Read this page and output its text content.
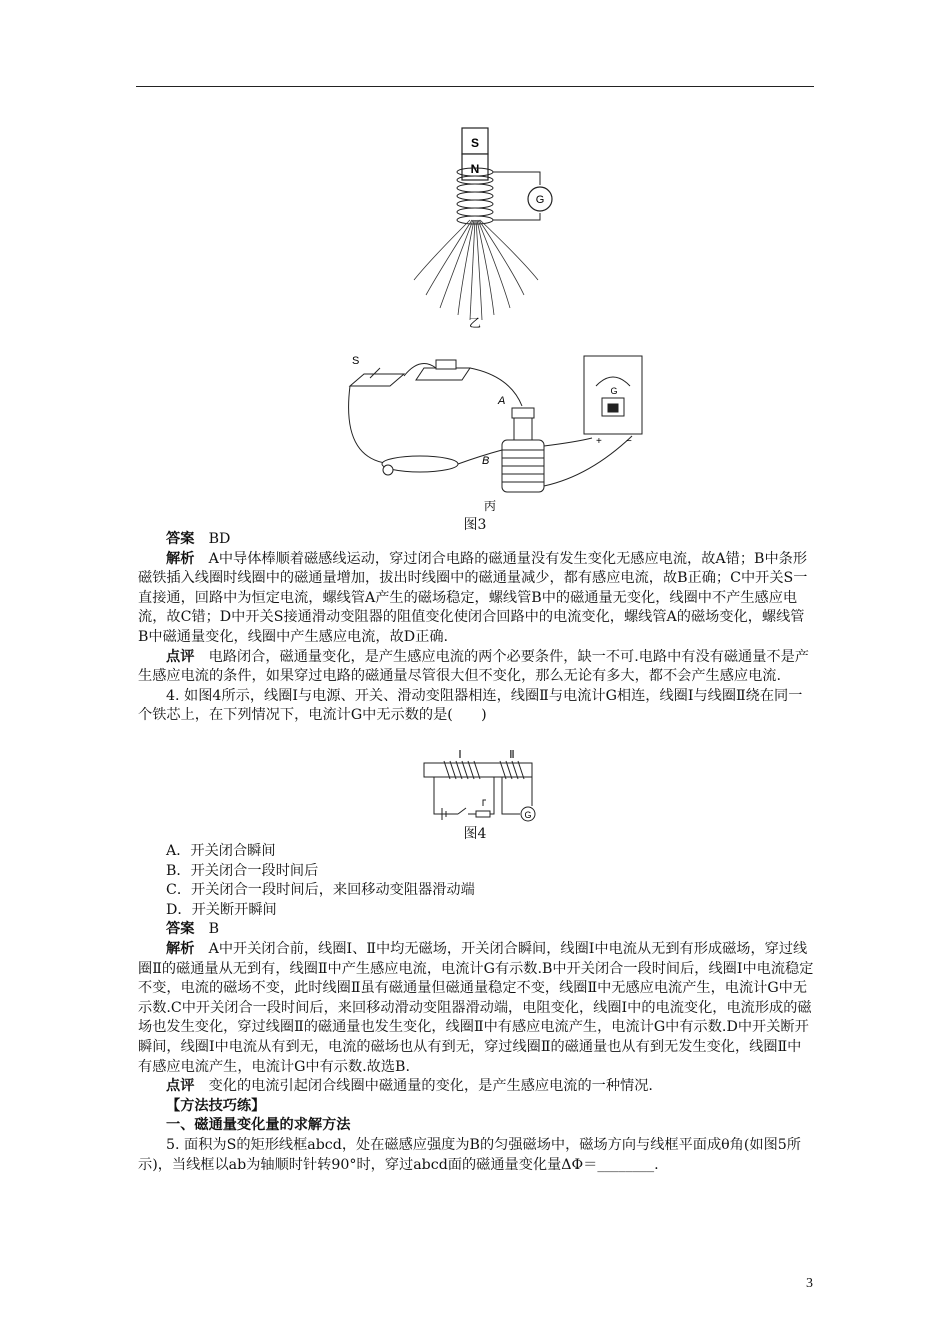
S
N
G
乙
S
A
B
G
+ −
丙
图3

答案　 BD

解析　 A中导体棒顺着磁感线运动，穿过闭合电路的磁通量没有发生变化无感应电流，故A错；B中条形磁铁插入线圈时线圈中的磁通量增加，拔出时线圈中的磁通量减少，都有感应电流，故B正确；C中开关S一直接通，回路中为恒定电流，螺线管A产生的磁场稳定，螺线管B中的磁通量无变化，线圈中不产生感应电流，故C错；D中开关S接通滑动变阻器的阻值变化使闭合回路中的电流变化，螺线管A的磁场变化，螺线管B中磁通量变化，线圈中产生感应电流，故D正确.

点评　 电路闭合，磁通量变化，是产生感应电流的两个必要条件，缺一不可.电路中有没有磁通量不是产生感应电流的条件，如果穿过电路的磁通量尽管很大但不变化，那么无论有多大，都不会产生感应电流.

4. 如图4所示，线圈Ⅰ与电源、开关、滑动变阻器相连，线圈Ⅱ与电流计G相连，线圈Ⅰ与线圈Ⅱ绕在同一个铁芯上，在下列情况下，电流计G中无示数的是(　　)

Ⅰ	Ⅱ
G
图4

A．开关闭合瞬间

B．开关闭合一段时间后

C．开关闭合一段时间后，来回移动变阻器滑动端

D．开关断开瞬间

答案　 B

解析　 A中开关闭合前，线圈Ⅰ、Ⅱ中均无磁场，开关闭合瞬间，线圈Ⅰ中电流从无到有形成磁场，穿过线圈Ⅱ的磁通量从无到有，线圈Ⅱ中产生感应电流，电流计G有示数.B中开关闭合一段时间后，线圈Ⅰ中电流稳定不变，电流的磁场不变，此时线圈Ⅱ虽有磁通量但磁通量稳定不变，线圈Ⅱ中无感应电流产生，电流计G中无示数.C中开关闭合一段时间后，来回移动滑动变阻器滑动端，电阻变化，线圈Ⅰ中的电流变化，电流形成的磁场也发生变化，穿过线圈Ⅱ的磁通量也发生变化，线圈Ⅱ中有感应电流产生，电流计G中有示数.D中开关断开瞬间，线圈Ⅰ中电流从有到无，电流的磁场也从有到无，穿过线圈Ⅱ的磁通量也从有到无发生变化，线圈Ⅱ中有感应电流产生，电流计G中有示数.故选B.

点评　 变化的电流引起闭合线圈中磁通量的变化，是产生感应电流的一种情况.

【方法技巧练】

一、磁通量变化量的求解方法

5. 面积为S的矩形线框abcd，处在磁感应强度为B的匀强磁场中，磁场方向与线框平面成θ角(如图5所示)，当线框以ab为轴顺时针转90°时，穿过abcd面的磁通量变化量ΔΦ＝________.

3
